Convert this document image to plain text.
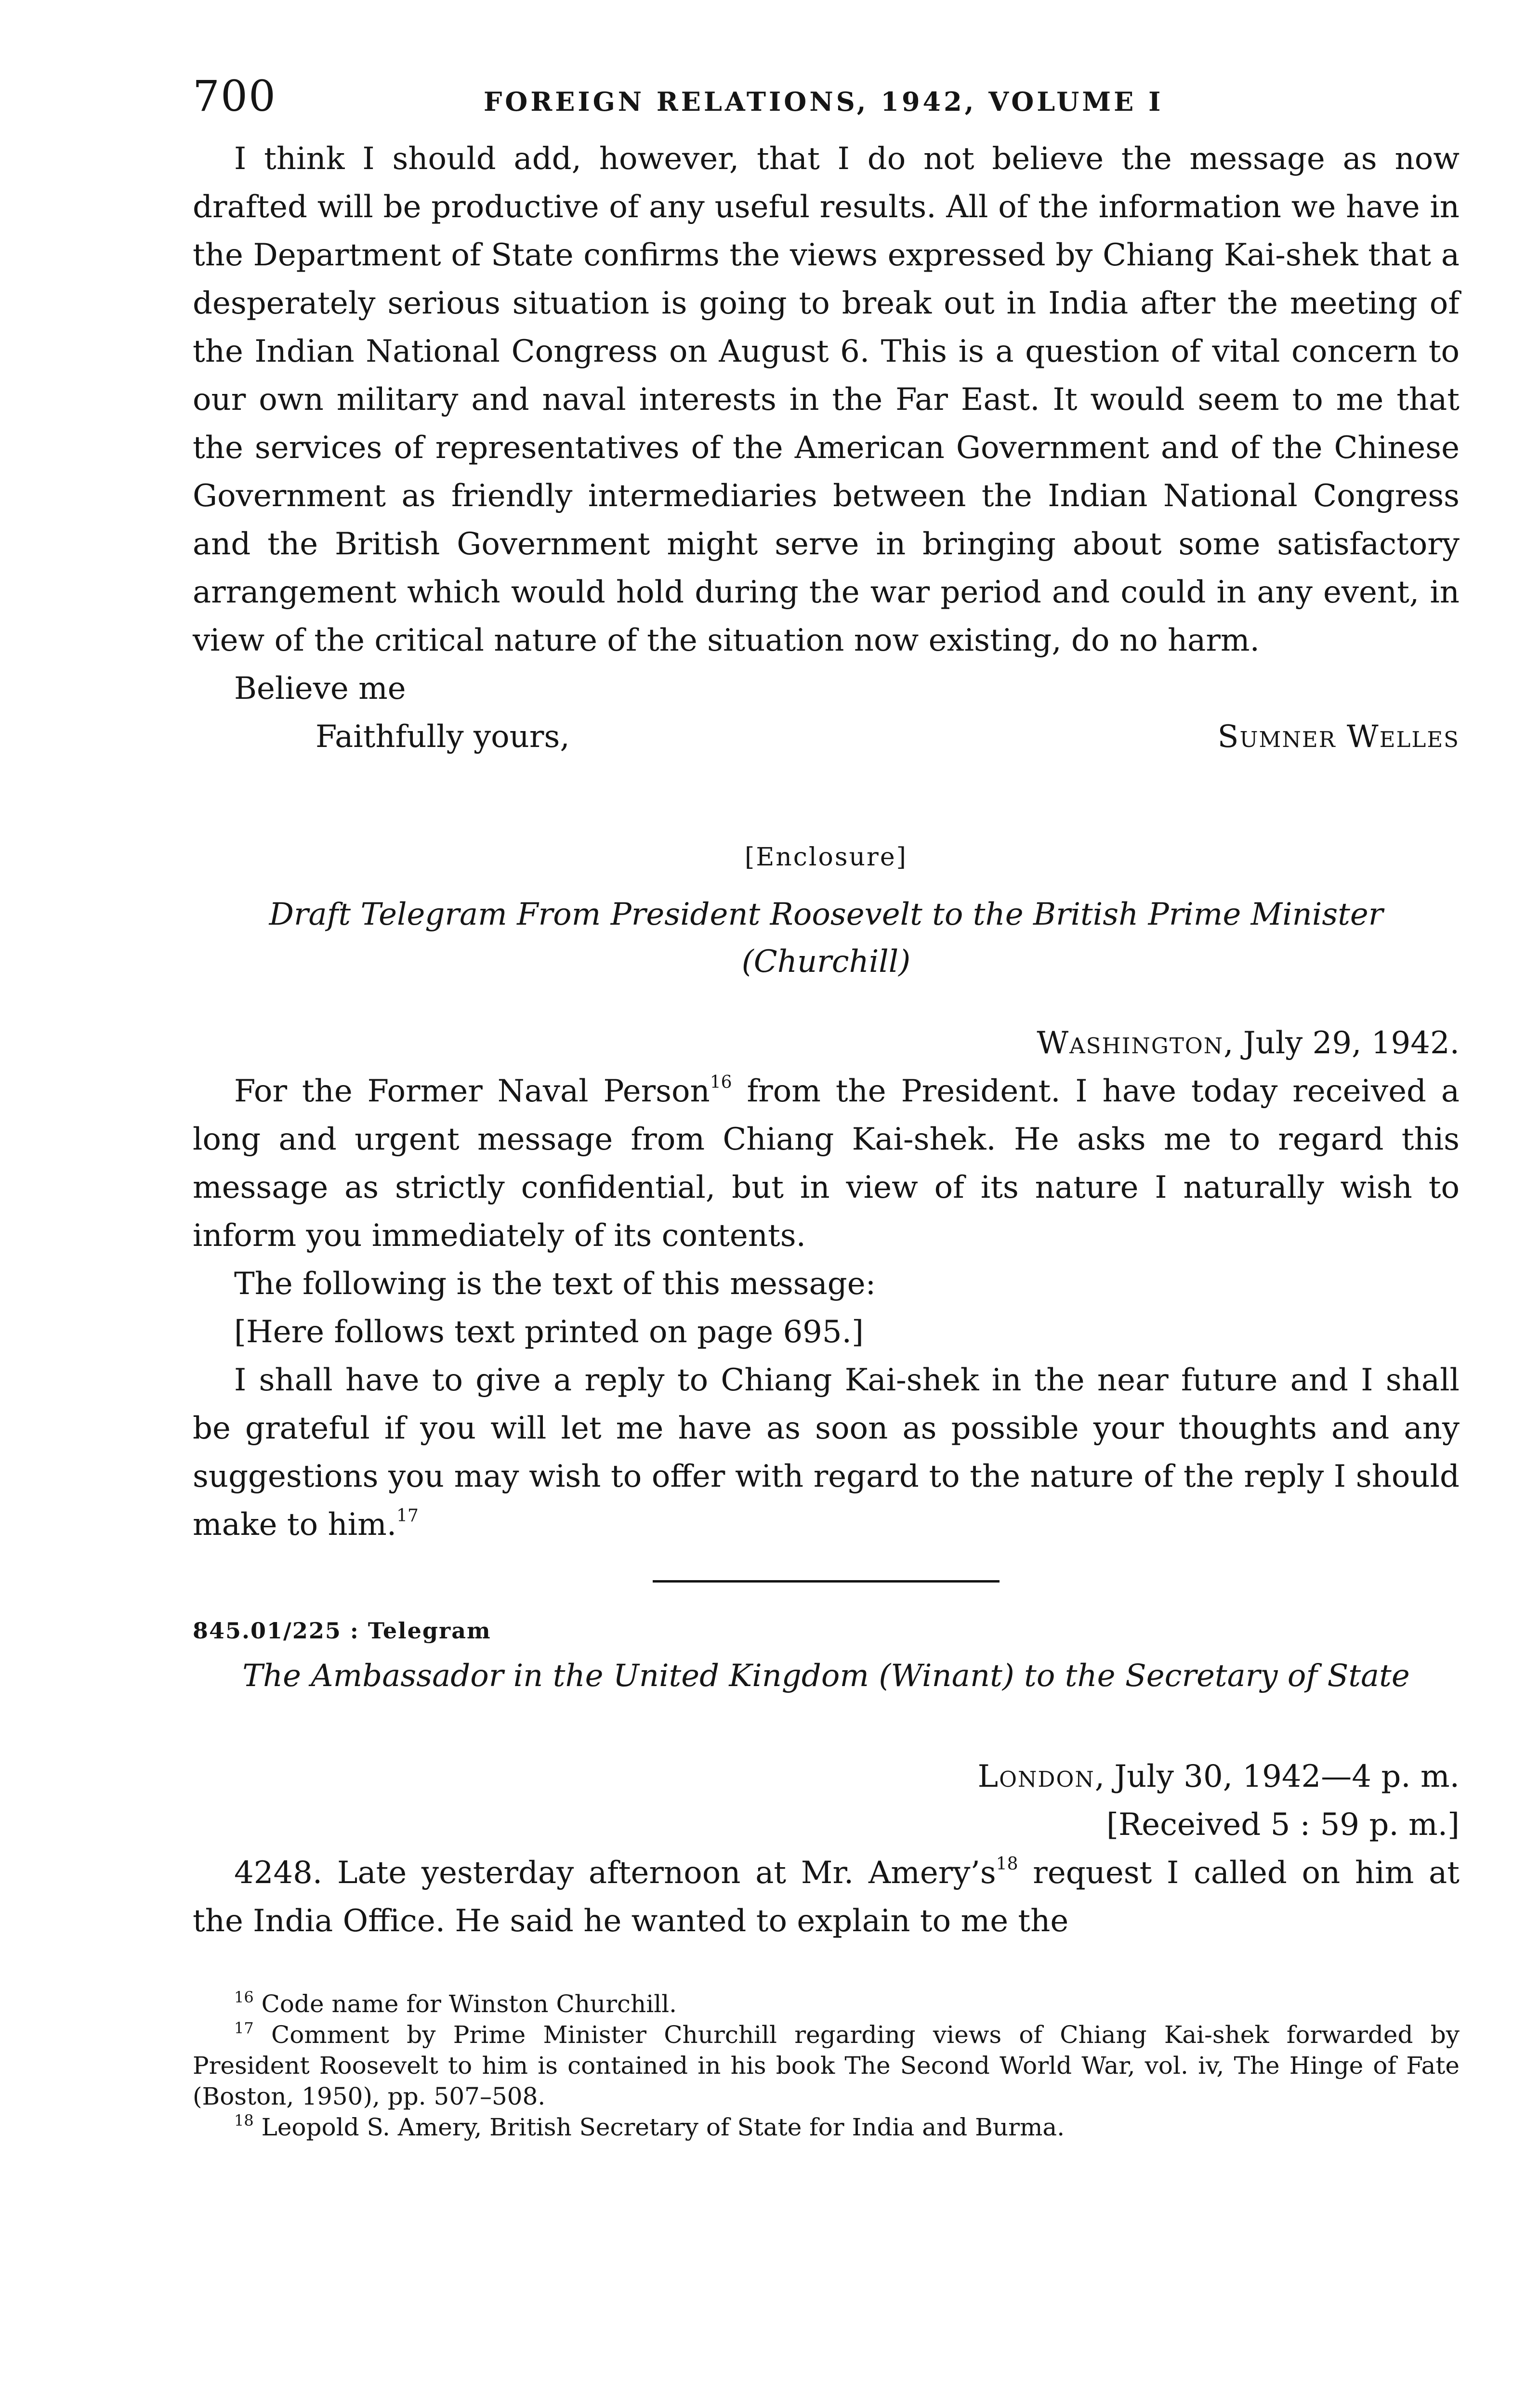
700	FOREIGN RELATIONS, 1942, VOLUME I

I think I should add, however, that I do not believe the message as now drafted will be productive of any useful results. All of the information we have in the Department of State confirms the views expressed by Chiang Kai-shek that a desperately serious situation is going to break out in India after the meeting of the Indian National Congress on August 6. This is a question of vital concern to our own military and naval interests in the Far East. It would seem to me that the services of representatives of the American Government and of the Chinese Government as friendly intermediaries between the Indian National Congress and the British Government might serve in bringing about some satisfactory arrangement which would hold during the war period and could in any event, in view of the critical nature of the situation now existing, do no harm.

Believe me
Faithfully yours,	Sumner Welles
[Enclosure]
Draft Telegram From President Roosevelt to the British Prime Minister (Churchill)
Washington, July 29, 1942.

For the Former Naval Person$^{16}$ from the President. I have today received a long and urgent message from Chiang Kai-shek. He asks me to regard this message as strictly confidential, but in view of its nature I naturally wish to inform you immediately of its contents.

The following is the text of this message:

[Here follows text printed on page 695.]

I shall have to give a reply to Chiang Kai-shek in the near future and I shall be grateful if you will let me have as soon as possible your thoughts and any suggestions you may wish to offer with regard to the nature of the reply I should make to him.$^{17}$

845.01/225 : Telegram
The Ambassador in the United Kingdom (Winant) to the Secretary of State
London, July 30, 1942—4 p. m.
[Received 5 : 59 p. m.]

4248. Late yesterday afternoon at Mr. $Amery’s^{18}$ request I called on him at the India Office. He said he wanted to explain to me the

$^{16}$ Code name for Winston Churchill.
$^{17}$ Comment by Prime Minister Churchill regarding views of Chiang Kai-shek forwarded by President Roosevelt to him is contained in his book The Second World War, vol. iv, The Hinge of Fate (Boston, 1950), pp. 507–508.
$^{18}$ Leopold S. Amery, British Secretary of State for India and Burma.
